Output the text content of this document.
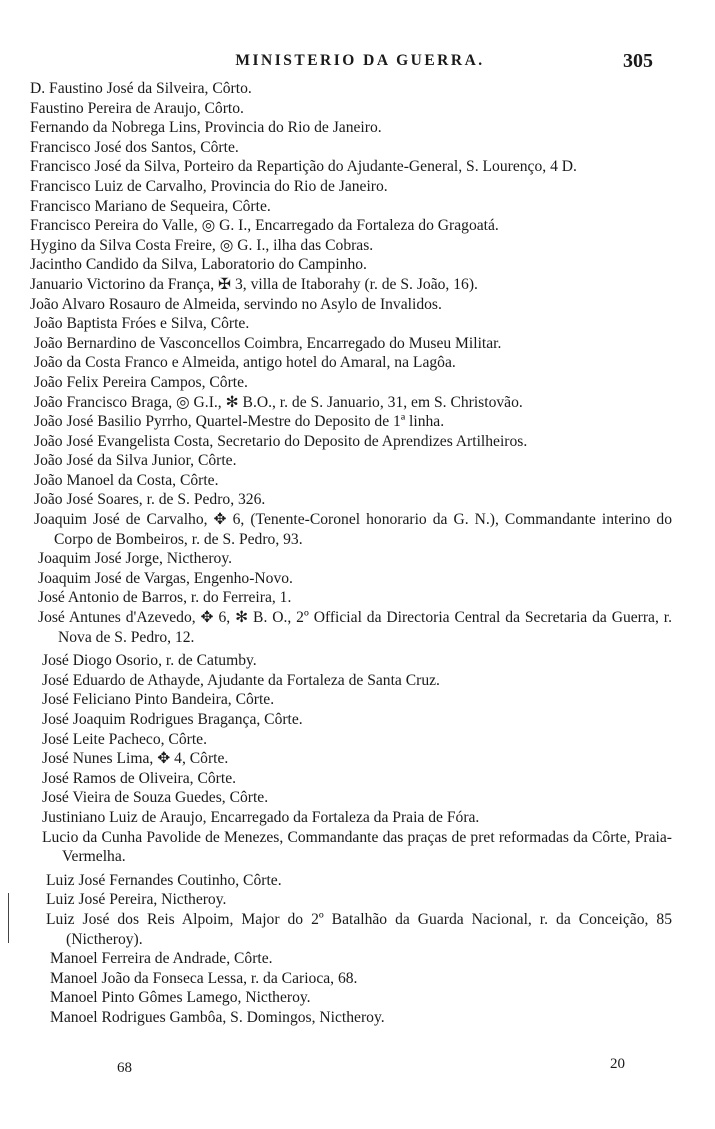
MINISTERIO DA GUERRA.	305
D. Faustino José da Silveira, Côrto.
Faustino Pereira de Araujo, Côrto.
Fernando da Nobrega Lins, Provincia do Rio de Janeiro.
Francisco José dos Santos, Côrte.
Francisco José da Silva, Porteiro da Repartição do Ajudante-General, S. Lourenço, 4 D.
Francisco Luiz de Carvalho, Provincia do Rio de Janeiro.
Francisco Mariano de Sequeira, Côrte.
Francisco Pereira do Valle, ◎ G. I., Encarregado da Fortaleza do Gragoatá.
Hygino da Silva Costa Freire, ◎ G. I., ilha das Cobras.
Jacintho Candido da Silva, Laboratorio do Campinho.
Januario Victorino da França, ✠ 3, villa de Itaborahy (r. de S. João, 16).
João Alvaro Rosauro de Almeida, servindo no Asylo de Invalidos.
João Baptista Fróes e Silva, Côrte.
João Bernardino de Vasconcellos Coimbra, Encarregado do Museu Militar.
João da Costa Franco e Almeida, antigo hotel do Amaral, na Lagôa.
João Felix Pereira Campos, Côrte.
João Francisco Braga, ◎ G.I., ✻ B.O., r. de S. Januario, 31, em S. Christovão.
João José Basilio Pyrrho, Quartel-Mestre do Deposito de 1ª linha.
João José Evangelista Costa, Secretario do Deposito de Aprendizes Artilheiros.
João José da Silva Junior, Côrte.
João Manoel da Costa, Côrte.
João José Soares, r. de S. Pedro, 326.
Joaquim José de Carvalho, ✥ 6, (Tenente-Coronel honorario da G. N.), Commandante interino do Corpo de Bombeiros, r. de S. Pedro, 93.
Joaquim José Jorge, Nictheroy.
Joaquim José de Vargas, Engenho-Novo.
José Antonio de Barros, r. do Ferreira, 1.
José Antunes d'Azevedo, ✥ 6, ✻ B. O., 2º Official da Directoria Central da Secretaria da Guerra, r. Nova de S. Pedro, 12.
José Diogo Osorio, r. de Catumby.
José Eduardo de Athayde, Ajudante da Fortaleza de Santa Cruz.
José Feliciano Pinto Bandeira, Côrte.
José Joaquim Rodrigues Bragança, Côrte.
José Leite Pacheco, Côrte.
José Nunes Lima, ✥ 4, Côrte.
José Ramos de Oliveira, Côrte.
José Vieira de Souza Guedes, Côrte.
Justiniano Luiz de Araujo, Encarregado da Fortaleza da Praia de Fóra.
Lucio da Cunha Pavolide de Menezes, Commandante das praças de pret reformadas da Côrte, Praia-Vermelha.
Luiz José Fernandes Coutinho, Côrte.
Luiz José Pereira, Nictheroy.
Luiz José dos Reis Alpoim, Major do 2º Batalhão da Guarda Nacional, r. da Conceição, 85 (Nictheroy).
Manoel Ferreira de Andrade, Côrte.
Manoel João da Fonseca Lessa, r. da Carioca, 68.
Manoel Pinto Gômes Lamego, Nictheroy.
Manoel Rodrigues Gambôa, S. Domingos, Nictheroy.
68	20
